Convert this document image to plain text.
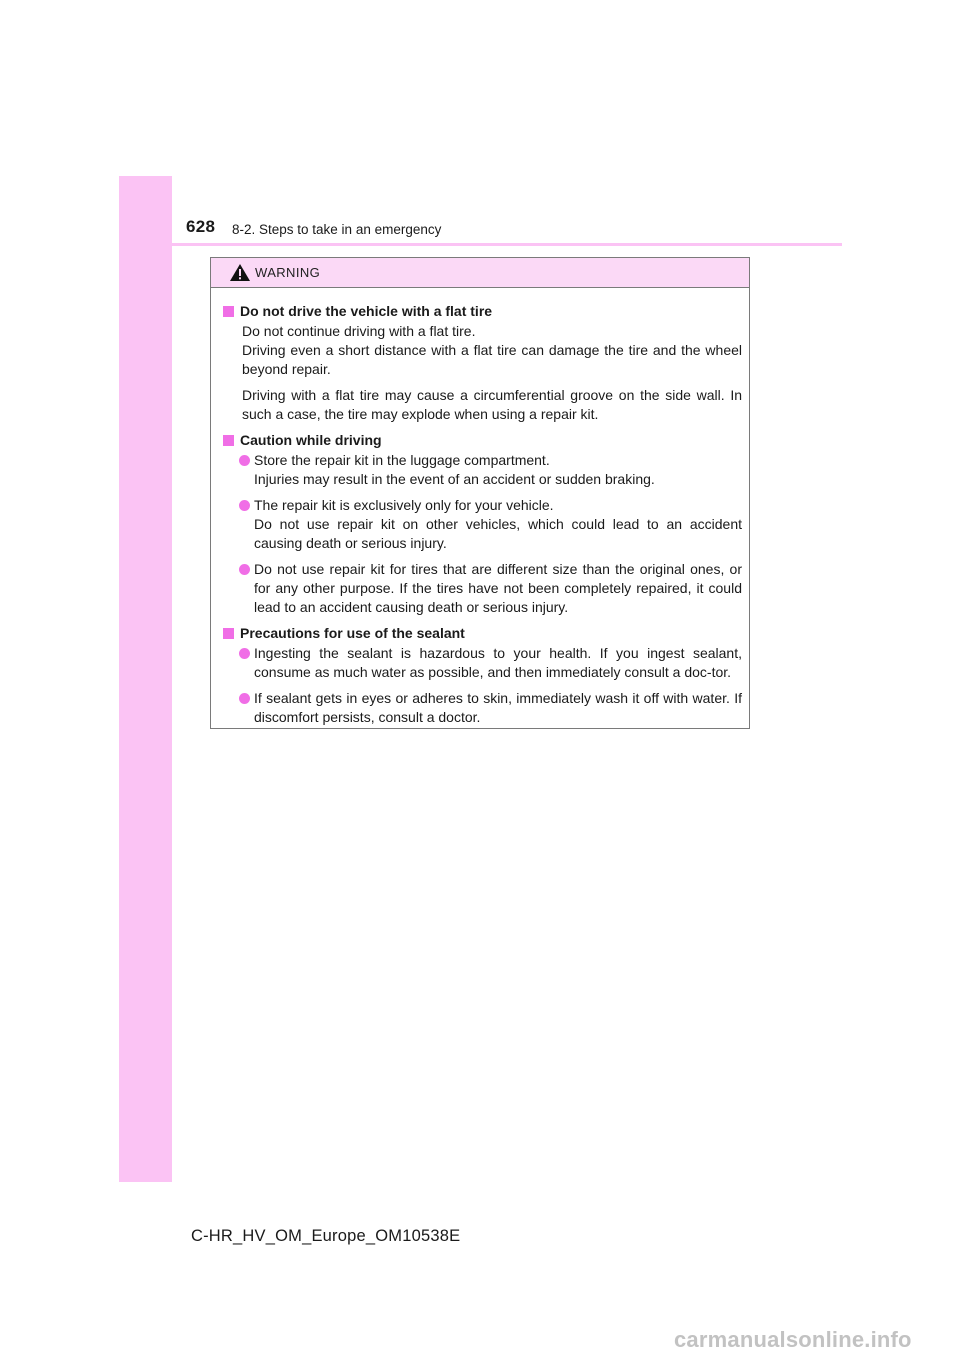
628 8-2. Steps to take in an emergency
WARNING
Do not drive the vehicle with a flat tire
Do not continue driving with a flat tire.
Driving even a short distance with a flat tire can damage the tire and the wheel beyond repair.
Driving with a flat tire may cause a circumferential groove on the side wall. In such a case, the tire may explode when using a repair kit.
Caution while driving
Store the repair kit in the luggage compartment.
Injuries may result in the event of an accident or sudden braking.
The repair kit is exclusively only for your vehicle.
Do not use repair kit on other vehicles, which could lead to an accident causing death or serious injury.
Do not use repair kit for tires that are different size than the original ones, or for any other purpose. If the tires have not been completely repaired, it could lead to an accident causing death or serious injury.
Precautions for use of the sealant
Ingesting the sealant is hazardous to your health. If you ingest sealant, consume as much water as possible, and then immediately consult a doc-tor.
If sealant gets in eyes or adheres to skin, immediately wash it off with water. If discomfort persists, consult a doctor.
C-HR_HV_OM_Europe_OM10538E
carmanualsonline.info
